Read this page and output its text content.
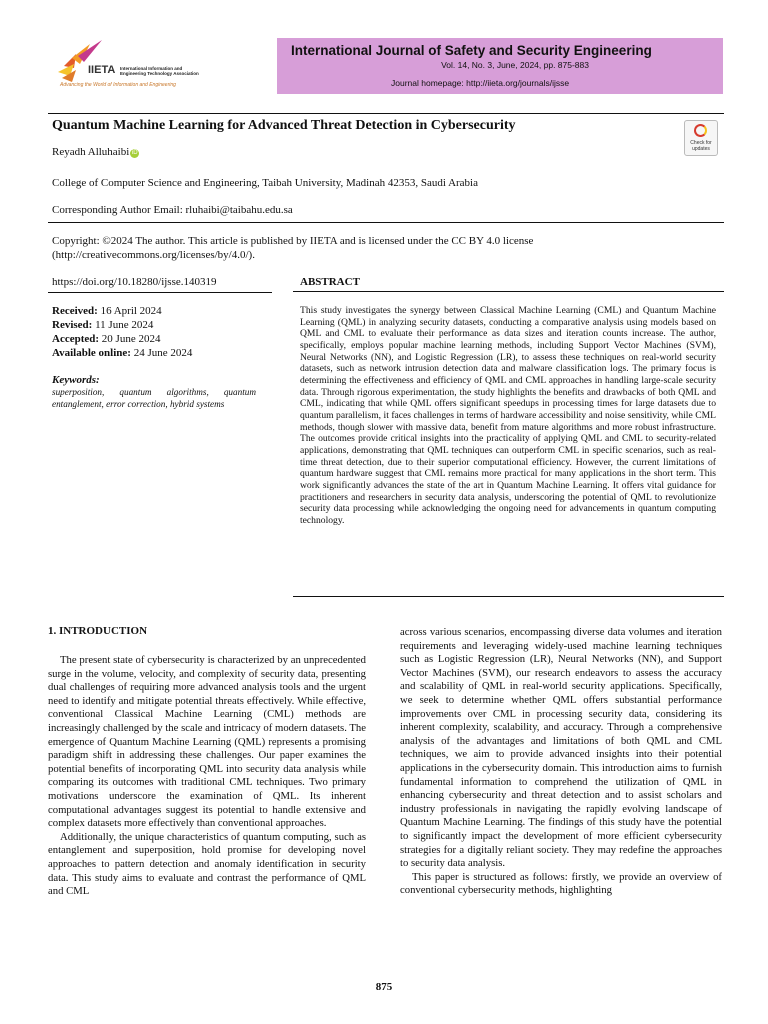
IIETA International Information and
Engineering Technology Association
Advancing the World of Information and Engineering
International Journal of Safety and Security Engineering
Vol. 14, No. 3, June, 2024, pp. 875-883
Journal homepage: http://iieta.org/journals/ijsse
Quantum Machine Learning for Advanced Threat Detection in Cybersecurity
Check for updates
Reyadh Alluhaibi iD
College of Computer Science and Engineering, Taibah University, Madinah 42353, Saudi Arabia
Corresponding Author Email: rluhaibi@taibahu.edu.sa
Copyright: ©2024 The author. This article is published by IIETA and is licensed under the CC BY 4.0 license
(http://creativecommons.org/licenses/by/4.0/).
https://doi.org/10.18280/ijsse.140319	ABSTRACT
Received: 16 April 2024
Revised: 11 June 2024
Accepted: 20 June 2024
Available online: 24 June 2024
Keywords:
superposition, quantum algorithms, quantum entanglement, error correction, hybrid systems
This study investigates the synergy between Classical Machine Learning (CML) and Quantum Machine Learning (QML) in analyzing security datasets, conducting a comparative analysis using models based on QML and CML to evaluate their performance as data sizes and iteration counts increase. The author, specifically, employs popular machine learning methods, including Support Vector Machines (SVM), Neural Networks (NN), and Logistic Regression (LR), to assess these techniques on real-world security datasets, such as network intrusion detection data and malware classification logs. The primary focus is determining the effectiveness and efficiency of QML and CML approaches in handling large-scale security data. Through rigorous experimentation, the study highlights the benefits and drawbacks of both QML and CML, indicating that while QML offers significant speedups in processing times for large datasets due to quantum parallelism, it faces challenges in terms of hardware accessibility and noise sensitivity, while CML methods, though slower with massive data, benefit from mature algorithms and more robust infrastructure. The outcomes provide critical insights into the practicality of applying QML and CML to security-related applications, demonstrating that QML techniques can outperform CML in specific scenarios, such as real-time threat detection, due to their superior computational efficiency. However, the current limitations of quantum hardware suggest that CML remains more practical for many applications in the short term. This work significantly advances the state of the art in Quantum Machine Learning. It offers vital guidance for practitioners and researchers in security data analysis, underscoring the potential of QML to revolutionize security data processing while acknowledging the ongoing need for advancements in quantum computing technology.
1. INTRODUCTION

The present state of cybersecurity is characterized by an unprecedented surge in the volume, velocity, and complexity of security data, presenting dual challenges of requiring more advanced analysis tools and the urgent need to identify and mitigate potential threats effectively. While effective, conventional Classical Machine Learning (CML) methods are increasingly challenged by the scale and intricacy of modern datasets. The emergence of Quantum Machine Learning (QML) represents a promising paradigm shift in addressing these challenges. Our paper examines the potential benefits of incorporating QML into security data analysis while comparing its outcomes with traditional CML techniques. Two primary motivations underscore the examination of QML. Its inherent computational advantages suggest its potential to handle extensive and complex datasets more effectively than conventional approaches.

Additionally, the unique characteristics of quantum computing, such as entanglement and superposition, hold promise for developing novel approaches to pattern detection and anomaly identification in security data. This study aims to evaluate and contrast the performance of QML and CML

across various scenarios, encompassing diverse data volumes and iteration requirements and leveraging widely-used machine learning techniques such as Logistic Regression (LR), Neural Networks (NN), and Support Vector Machines (SVM), our research endeavors to assess the accuracy and scalability of QML in real-world security applications. Specifically, we seek to determine whether QML offers substantial performance improvements over CML in processing security data, considering its inherent complexity, scalability, and accuracy. Through a comprehensive analysis of the advantages and limitations of both QML and CML techniques, we aim to provide advanced insights into their potential applications in the cybersecurity domain. This introduction aims to furnish fundamental information to comprehend the utilization of QML in enhancing cybersecurity and threat detection and to assist scholars and industry professionals in navigating the rapidly evolving landscape of Quantum Machine Learning. The findings of this study have the potential to significantly impact the development of more efficient cybersecurity strategies for a digitally reliant society. They may redefine the approaches to security data analysis.

This paper is structured as follows: firstly, we provide an overview of conventional cybersecurity methods, highlighting

875
